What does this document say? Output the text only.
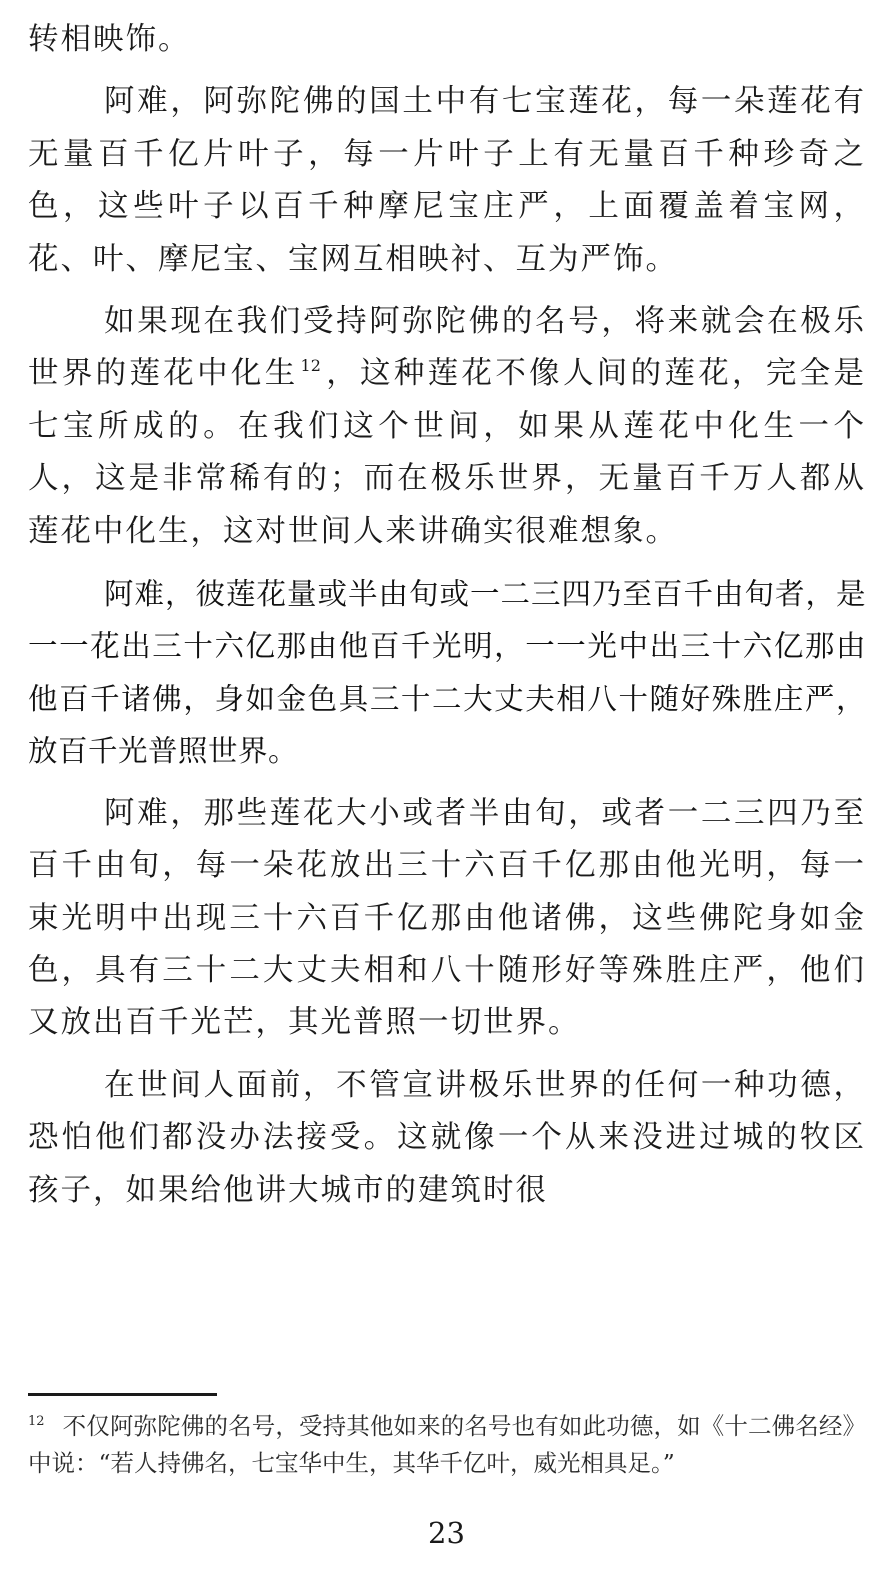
转相映饰。

阿难，阿弥陀佛的国土中有七宝莲花，每一朵莲花有无量百千亿片叶子，每一片叶子上有无量百千种珍奇之色，这些叶子以百千种摩尼宝庄严，上面覆盖着宝网，花、叶、摩尼宝、宝网互相映衬、互为严饰。

如果现在我们受持阿弥陀佛的名号，将来就会在极乐世界的莲花中化生 $^{12}$ ，这种莲花不像人间的莲花，完全是七宝所成的。在我们这个世间，如果从莲花中化生一个人，这是非常稀有的；而在极乐世界，无量百千万人都从莲花中化生，这对世间人来讲确实很难想象。

阿难，彼莲花量或半由旬或一二三四乃至百千由旬者，是一一花出三十六亿那由他百千光明，一一光中出三十六亿那由他百千诸佛，身如金色具三十二大丈夫相八十随好殊胜庄严，放百千光普照世界。

阿难，那些莲花大小或者半由旬，或者一二三四乃至百千由旬，每一朵花放出三十六百千亿那由他光明，每一束光明中出现三十六百千亿那由他诸佛，这些佛陀身如金色，具有三十二大丈夫相和八十随形好等殊胜庄严，他们又放出百千光芒，其光普照一切世界。

在世间人面前，不管宣讲极乐世界的任何一种功德，恐怕他们都没办法接受。这就像一个从来没进过城的牧区孩子，如果给他讲大城市的建筑时很

$^{12}$ 不仅阿弥陀佛的名号，受持其他如来的名号也有如此功德，如《十二佛名经》中说：“若人持佛名，七宝华中生，其华千亿叶，威光相具足。”
23
